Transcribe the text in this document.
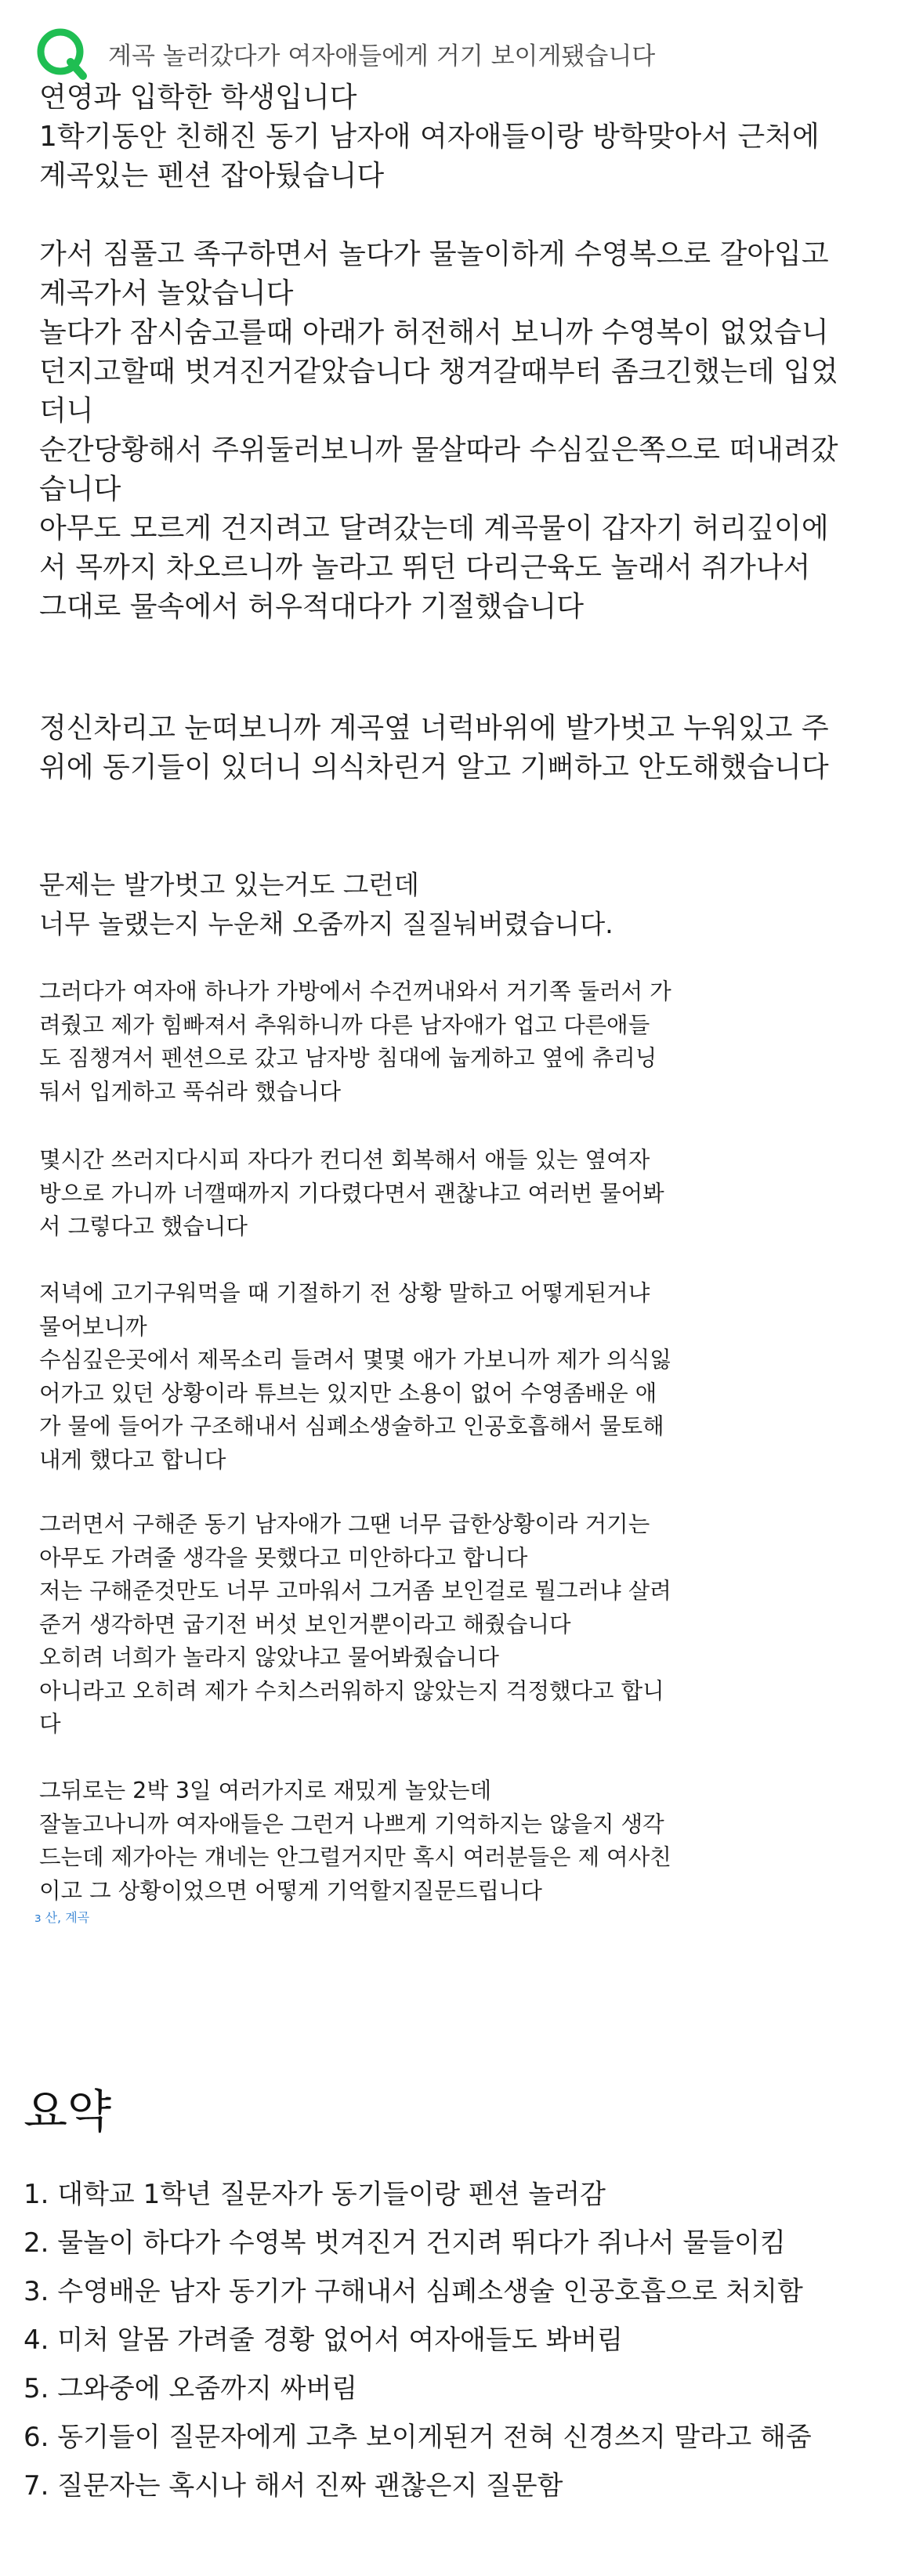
계곡 놀러갔다가 여자애들에게 거기 보이게됐습니다

연영과 입학한 학생입니다
1학기동안 친해진 동기 남자애 여자애들이랑 방학맞아서 근처에
계곡있는 펜션 잡아뒀습니다

가서 짐풀고 족구하면서 놀다가 물놀이하게 수영복으로 갈아입고
계곡가서 놀았습니다
놀다가 잠시숨고를때 아래가 허전해서 보니까 수영복이 없었습니
던지고할때 벗겨진거같았습니다 챙겨갈때부터 좀크긴했는데 입었
더니
순간당황해서 주위둘러보니까 물살따라 수심깊은쪽으로 떠내려갔
습니다
아무도 모르게 건지려고 달려갔는데 계곡물이 갑자기 허리깊이에
서 목까지 차오르니까 놀라고 뛰던 다리근육도 놀래서 쥐가나서
그대로 물속에서 허우적대다가 기절했습니다

정신차리고 눈떠보니까 계곡옆 너럭바위에 발가벗고 누워있고 주
위에 동기들이 있더니 의식차린거 알고 기뻐하고 안도해했습니다

문제는 발가벗고 있는거도 그런데
너무 놀랬는지 누운채 오줌까지 질질눠버렸습니다.

그러다가 여자애 하나가 가방에서 수건꺼내와서 거기쪽 둘러서 가
려줬고 제가 힘빠져서 추워하니까 다른 남자애가 업고 다른애들
도 짐챙겨서 펜션으로 갔고 남자방 침대에 눕게하고 옆에 츄리닝
둬서 입게하고 푹쉬라 했습니다

몇시간 쓰러지다시피 자다가 컨디션 회복해서 애들 있는 옆여자
방으로 가니까 너깰때까지 기다렸다면서 괜찮냐고 여러번 물어봐
서 그렇다고 했습니다

저녁에 고기구워먹을 때 기절하기 전 상황 말하고 어떻게된거냐
물어보니까
수심깊은곳에서 제목소리 들려서 몇몇 애가 가보니까 제가 의식잃
어가고 있던 상황이라 튜브는 있지만 소용이 없어 수영좀배운 애
가 물에 들어가 구조해내서 심폐소생술하고 인공호흡해서 물토해
내게 했다고 합니다

그러면서 구해준 동기 남자애가 그땐 너무 급한상황이라 거기는
아무도 가려줄 생각을 못했다고 미안하다고 합니다
저는 구해준것만도 너무 고마워서 그거좀 보인걸로 뭘그러냐 살려
준거 생각하면 굽기전 버섯 보인거뿐이라고 해줬습니다
오히려 너희가 놀라지 않았냐고 물어봐줬습니다
아니라고 오히려 제가 수치스러워하지 않았는지 걱정했다고 합니
다

그뒤로는 2박 3일 여러가지로 재밌게 놀았는데
잘놀고나니까 여자애들은 그런거 나쁘게 기억하지는 않을지 생각
드는데 제가아는 걔네는 안그럴거지만 혹시 여러분들은 제 여사친
이고 그 상황이었으면 어떻게 기억할지질문드립니다

з 산, 계곡
요약
1. 대학교 1학년 질문자가 동기들이랑 펜션 놀러감
2. 물놀이 하다가 수영복 벗겨진거 건지려 뛰다가 쥐나서 물들이킴
3. 수영배운 남자 동기가 구해내서 심폐소생술 인공호흡으로 처치함
4. 미처 알몸 가려줄 경황 없어서 여자애들도 봐버림
5. 그와중에 오줌까지 싸버림
6. 동기들이 질문자에게 고추 보이게된거 전혀 신경쓰지 말라고 해줌
7. 질문자는 혹시나 해서 진짜 괜찮은지 질문함
